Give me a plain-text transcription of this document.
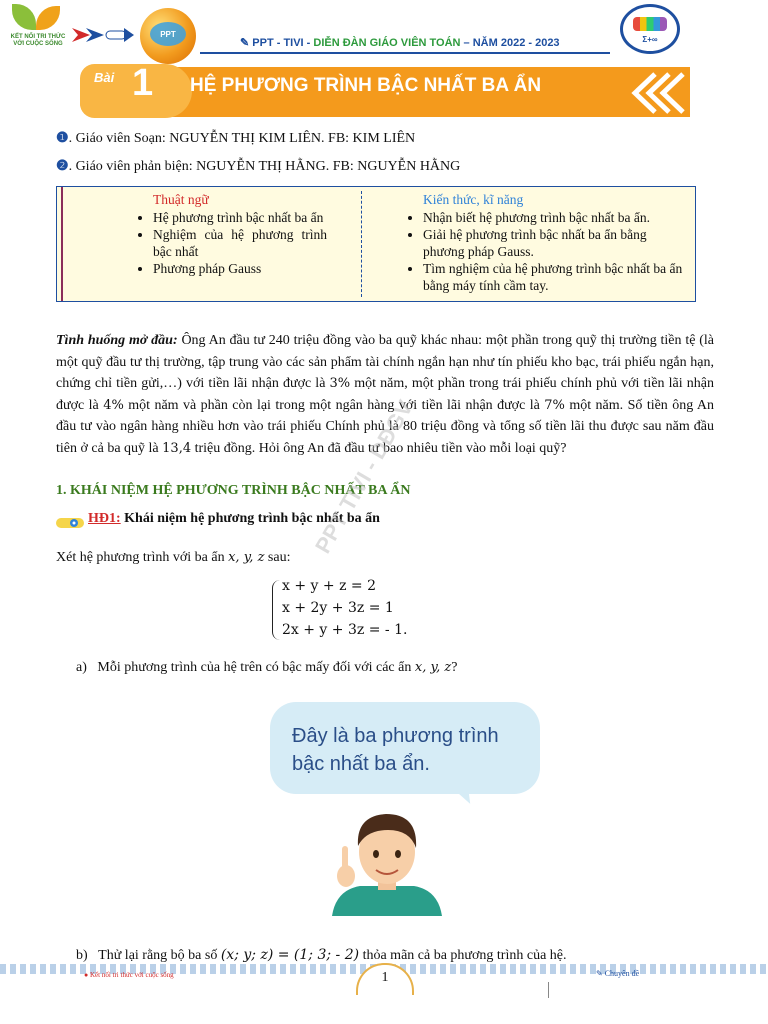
KẾT NỐI TRI THỨC VỚI CUỘC SỐNG
PPT
✎ PPT - TIVI - DIỄN ĐÀN GIÁO VIÊN TOÁN – NĂM 2022 - 2023	Σ+∞
Bài 1 HỆ PHƯƠNG TRÌNH BẬC NHẤT BA ẨN
❶. Giáo viên Soạn: NGUYỄN THỊ KIM LIÊN. FB: KIM LIÊN
❷. Giáo viên phản biện: NGUYỄN THỊ HẰNG. FB: NGUYỄN HẰNG
Thuật ngữ
• Hệ phương trình bậc nhất ba ẩn
• Nghiệm của hệ phương trình bậc nhất
• Phương pháp Gauss
Kiến thức, kĩ năng
• Nhận biết hệ phương trình bậc nhất ba ẩn.
• Giải hệ phương trình bậc nhất ba ẩn bằng phương pháp Gauss.
• Tìm nghiệm của hệ phương trình bậc nhất ba ẩn bằng máy tính cầm tay.
Tình huống mở đầu: Ông An đầu tư 240 triệu đồng vào ba quỹ khác nhau: một phần trong quỹ thị trường tiền tệ (là một quỹ đầu tư thị trường, tập trung vào các sản phẩm tài chính ngắn hạn như tín phiếu kho bạc, trái phiếu ngắn hạn, chứng chỉ tiền gửi,…) với tiền lãi nhận được là 3% một năm, một phần trong trái phiếu chính phủ với tiền lãi nhận được là 4% một năm và phần còn lại trong một ngân hàng với tiền lãi nhận được là 7% một năm. Số tiền ông An đầu tư vào ngân hàng nhiều hơn vào trái phiếu Chính phủ là 80 triệu đồng và tổng số tiền lãi thu được sau năm đầu tiên ở cả ba quỹ là 13,4 triệu đồng. Hỏi ông An đã đầu tư bao nhiêu tiền vào mỗi loại quỹ?
1. KHÁI NIỆM HỆ PHƯƠNG TRÌNH BẬC NHẤT BA ẨN
HĐ1: Khái niệm hệ phương trình bậc nhất ba ẩn
PPT TIVI - DĐGV
Xét hệ phương trình với ba ẩn x, y, z sau:
x + y + z = 2
x + 2y + 3z = 1
2x + y + 3z = - 1.
a) Mỗi phương trình của hệ trên có bậc mấy đối với các ẩn x, y, z?
Đây là ba phương trình bậc nhất ba ẩn.
b) Thử lại rằng bộ ba số (x; y; z) = (1; 3; - 2) thỏa mãn cả ba phương trình của hệ.
● Kết nối tri thức với cuộc sống	1	✎ Chuyên đề
